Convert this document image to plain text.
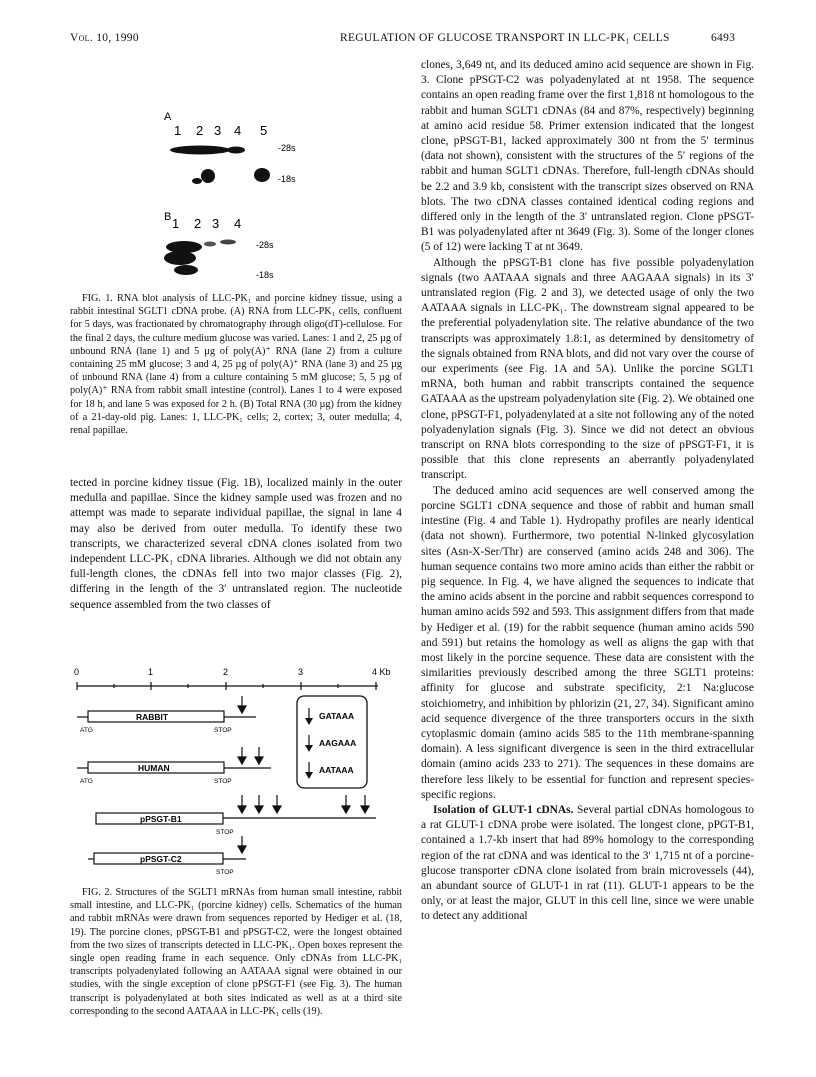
Vol. 10, 1990	REGULATION OF GLUCOSE TRANSPORT IN LLC-PK₁ CELLS	6493
A
1 2 3 4 5
-28s
-18s
B 1 2 3 4
-28s
-18s

FIG. 1. RNA blot analysis of LLC-PK₁ and porcine kidney tissue, using a rabbit intestinal SGLT1 cDNA probe. (A) RNA from LLC-PK₁ cells, confluent for 5 days, was fractionated by chromatography through oligo(dT)-cellulose. For the final 2 days, the culture medium glucose was varied. Lanes: 1 and 2, 25 µg of unbound RNA (lane 1) and 5 µg of poly(A)⁺ RNA (lane 2) from a culture containing 25 mM glucose; 3 and 4, 25 µg of poly(A)⁺ RNA (lane 3) and 25 µg of unbound RNA (lane 4) from a culture containing 5 mM glucose; 5, 5 µg of poly(A)⁺ RNA from rabbit small intestine (control). Lanes 1 to 4 were exposed for 18 h, and lane 5 was exposed for 2 h. (B) Total RNA (30 µg) from the kidney of a 21-day-old pig. Lanes: 1, LLC-PK₁ cells; 2, cortex; 3, outer medulla; 4, renal papillae.

tected in porcine kidney tissue (Fig. 1B), localized mainly in the outer medulla and papillae. Since the kidney sample used was frozen and no attempt was made to separate individual papillae, the signal in lane 4 may also be derived from outer medulla. To identify these two transcripts, we characterized several cDNA clones isolated from two independent LLC-PK₁ cDNA libraries. Although we did not obtain any full-length clones, the cDNAs fell into two major classes (Fig. 2), differing in the length of the 3′ untranslated region. The nucleotide sequence assembled from the two classes of

0	1	2	3	4 Kb
RABBIT
ATG	STOP
HUMAN
ATG	STOP
GATAAA
AAGAAA
AATAAA
pPSGT-B1
STOP
pPSGT-C2
STOP

FIG. 2. Structures of the SGLT1 mRNAs from human small intestine, rabbit small intestine, and LLC-PK₁ (porcine kidney) cells. Schematics of the human and rabbit mRNAs were drawn from sequences reported by Hediger et al. (18, 19). The porcine clones, pPSGT-B1 and pPSGT-C2, were the longest obtained from the two sizes of transcripts detected in LLC-PK₁. Open boxes represent the single open reading frame in each sequence. Only cDNAs from LLC-PK₁ transcripts polyadenylated following an AATAAA signal were obtained in our studies, with the single exception of clone pPSGT-F1 (see Fig. 3). The human transcript is polyadenylated at both sites indicated as well as at a third site corresponding to the second AATAAA in LLC-PK₁ cells (19).

clones, 3,649 nt, and its deduced amino acid sequence are shown in Fig. 3. Clone pPSGT-C2 was polyadenylated at nt 1958. The sequence contains an open reading frame over the first 1,818 nt homologous to the rabbit and human SGLT1 cDNAs (84 and 87%, respectively) beginning at amino acid residue 58. Primer extension indicated that the longest clone, pPSGT-B1, lacked approximately 300 nt from the 5′ terminus (data not shown), consistent with the structures of the 5′ regions of the rabbit and human SGLT1 cDNAs. Therefore, full-length cDNAs should be 2.2 and 3.9 kb, consistent with the transcript sizes observed on RNA blots. The two cDNA classes contained identical coding regions and differed only in the length of the 3′ untranslated region. Clone pPSGT-B1 was polyadenylated after nt 3649 (Fig. 3). Some of the longer clones (5 of 12) were lacking T at nt 3649.

Although the pPSGT-B1 clone has five possible polyadenylation signals (two AATAAA signals and three AAGAAA signals) in its 3′ untranslated region (Fig. 2 and 3), we detected usage of only the two AATAAA signals in LLC-PK₁. The downstream signal appeared to be the preferential polyadenylation site. The relative abundance of the two transcripts was approximately 1.8:1, as determined by densitometry of the signals obtained from RNA blots, and did not vary over the course of our experiments (see Fig. 1A and 5A). Unlike the porcine SGLT1 mRNA, both human and rabbit transcripts contained the sequence GATAAA as the upstream polyadenylation site (Fig. 2). We obtained one clone, pPSGT-F1, polyadenylated at a site not following any of the noted polyadenylation signals (Fig. 3). Since we did not detect an obvious transcript on RNA blots corresponding to the size of pPSGT-F1, it is possible that this clone represents an aberrantly polyadenylated transcript.

The deduced amino acid sequences are well conserved among the porcine SGLT1 cDNA sequence and those of rabbit and human small intestine (Fig. 4 and Table 1). Hydropathy profiles are nearly identical (data not shown). Furthermore, two potential N-linked glycosylation sites (Asn-X-Ser/Thr) are conserved (amino acids 248 and 306). The human sequence contains two more amino acids than either the rabbit or pig sequence. In Fig. 4, we have aligned the sequences to indicate that the amino acids absent in the porcine and rabbit sequences correspond to human amino acids 592 and 593. This assignment differs from that made by Hediger et al. (19) for the rabbit sequence (human amino acids 590 and 591) but retains the homology as well as aligns the gap with that most likely in the porcine sequence. These data are consistent with the similarities previously described among the three SGLT1 proteins: affinity for glucose and substrate specificity, 2:1 Na:glucose stoichiometry, and inhibition by phlorizin (21, 27, 34). Significant amino acid sequence divergence of the three transporters occurs in the sixth cytoplasmic domain (amino acids 585 to the 11th membrane-spanning domain). A less significant divergence is seen in the third extracellular domain (amino acids 233 to 271). The sequences in these domains are therefore less likely to be essential for function and represent species-specific regions.

Isolation of GLUT-1 cDNAs. Several partial cDNAs homologous to a rat GLUT-1 cDNA probe were isolated. The longest clone, pPGT-B1, contained a 1.7-kb insert that had 89% homology to the corresponding region of the rat cDNA and was identical to the 3′ 1,715 nt of a porcine-glucose transporter cDNA clone isolated from brain microvessels (44), an abundant source of GLUT-1 in rat (11). GLUT-1 appears to be the only, or at least the major, GLUT in this cell line, since we were unable to detect any additional
